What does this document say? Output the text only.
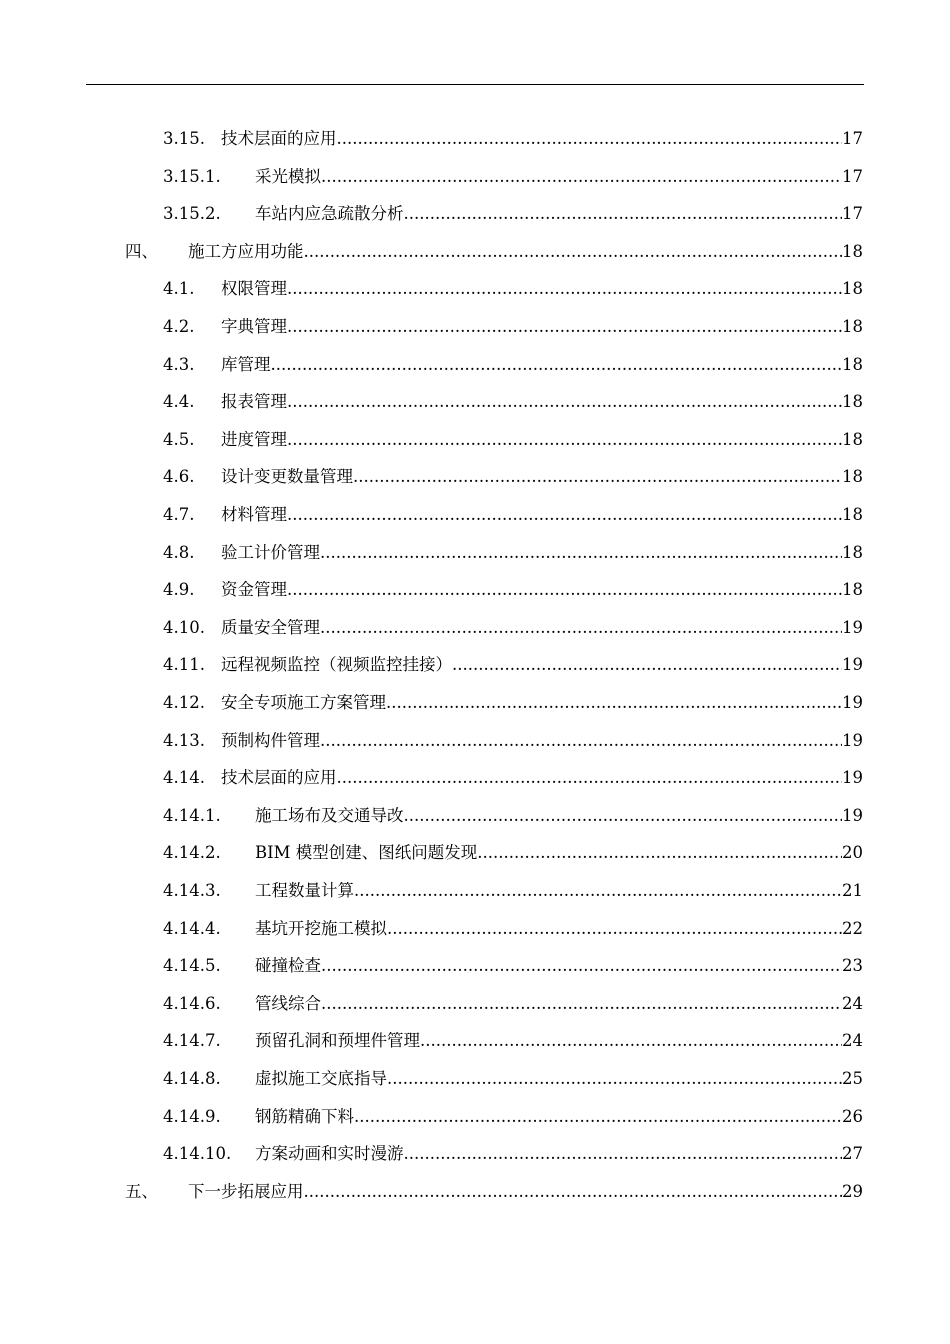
3.15. 技术层面的应用 .....	17
3.15.1. 采光模拟 .....	17
3.15.2. 车站内应急疏散分析 .....	17
四、 施工方应用功能 .....	18
4.1. 权限管理 .....	18
4.2. 字典管理 .....	18
4.3. 库管理 .....	18
4.4. 报表管理 .....	18
4.5. 进度管理 .....	18
4.6. 设计变更数量管理 .....	18
4.7. 材料管理 .....	18
4.8. 验工计价管理 .....	18
4.9. 资金管理 .....	18
4.10. 质量安全管理 .....	19
4.11. 远程视频监控（视频监控挂接） .....	19
4.12. 安全专项施工方案管理 .....	19
4.13. 预制构件管理 .....	19
4.14. 技术层面的应用 .....	19
4.14.1. 施工场布及交通导改 .....	19
4.14.2. BIM 模型创建、图纸问题发现 .....	20
4.14.3. 工程数量计算 .....	21
4.14.4. 基坑开挖施工模拟 .....	22
4.14.5. 碰撞检查 .....	23
4.14.6. 管线综合 .....	24
4.14.7. 预留孔洞和预埋件管理 .....	24
4.14.8. 虚拟施工交底指导 .....	25
4.14.9. 钢筋精确下料 .....	26
4.14.10. 方案动画和实时漫游 .....	27
五、 下一步拓展应用 .....	29
